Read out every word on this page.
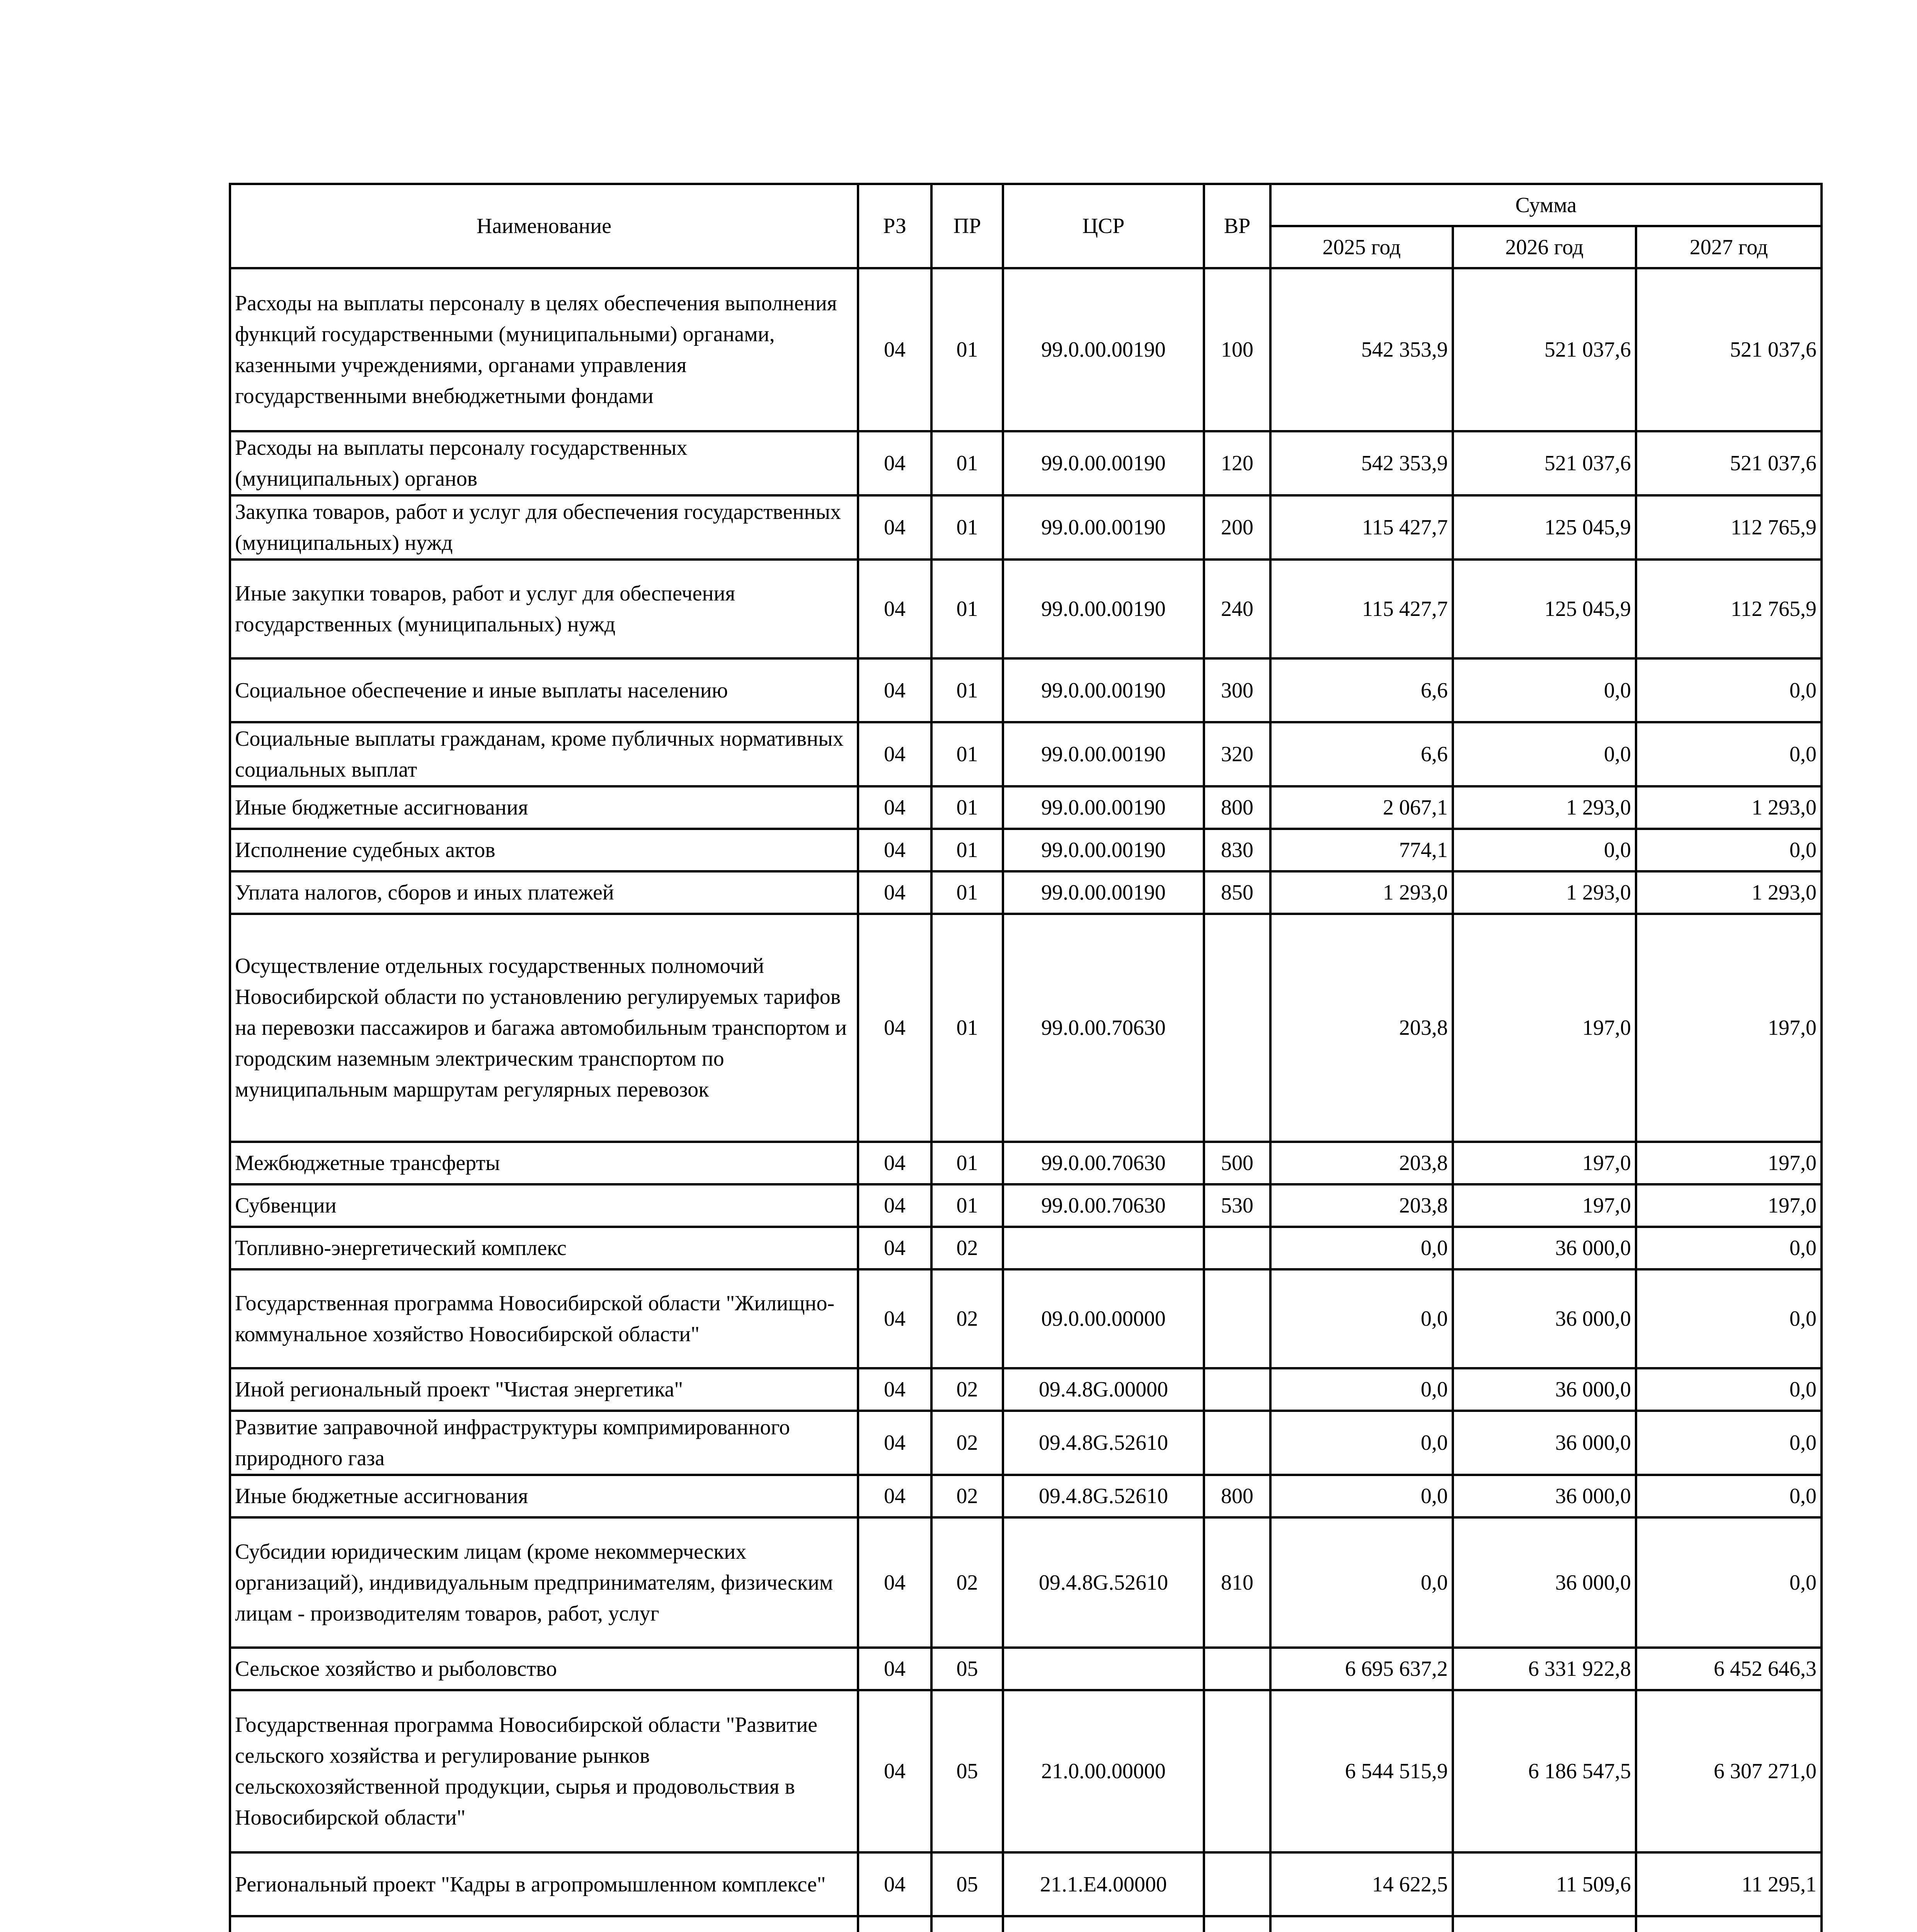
Наименование	РЗ	ПР	ЦСР	ВР	Сумма		
					2025 год	2026 год	2027 год
Расходы на выплаты персоналу в целях обеспечения выполнения функций государственными (муниципальными) органами, казенными учреждениями, органами управления государственными внебюджетными фондами	04	01	99.0.00.00190	100	542 353,9	521 037,6	521 037,6
Расходы на выплаты персоналу государственных (муниципальных) органов	04	01	99.0.00.00190	120	542 353,9	521 037,6	521 037,6
Закупка товаров, работ и услуг для обеспечения государственных (муниципальных) нужд	04	01	99.0.00.00190	200	115 427,7	125 045,9	112 765,9
Иные закупки товаров, работ и услуг для обеспечения государственных (муниципальных) нужд	04	01	99.0.00.00190	240	115 427,7	125 045,9	112 765,9
Социальное обеспечение и иные выплаты населению	04	01	99.0.00.00190	300	6,6	0,0	0,0
Социальные выплаты гражданам, кроме публичных нормативных социальных выплат	04	01	99.0.00.00190	320	6,6	0,0	0,0
Иные бюджетные ассигнования	04	01	99.0.00.00190	800	2 067,1	1 293,0	1 293,0
Исполнение судебных актов	04	01	99.0.00.00190	830	774,1	0,0	0,0
Уплата налогов, сборов и иных платежей	04	01	99.0.00.00190	850	1 293,0	1 293,0	1 293,0
Осуществление отдельных государственных полномочий Новосибирской области по установлению регулируемых тарифов на перевозки пассажиров и багажа автомобильным транспортом и городским наземным электрическим транспортом по муниципальным маршрутам регулярных перевозок	04	01	99.0.00.70630		203,8	197,0	197,0
Межбюджетные трансферты	04	01	99.0.00.70630	500	203,8	197,0	197,0
Субвенции	04	01	99.0.00.70630	530	203,8	197,0	197,0
Топливно-энергетический комплекс	04	02			0,0	36 000,0	0,0
Государственная программа Новосибирской области "Жилищно-коммунальное хозяйство Новосибирской области"	04	02	09.0.00.00000		0,0	36 000,0	0,0
Иной региональный проект "Чистая энергетика"	04	02	09.4.8G.00000		0,0	36 000,0	0,0
Развитие заправочной инфраструктуры компримированного природного газа	04	02	09.4.8G.52610		0,0	36 000,0	0,0
Иные бюджетные ассигнования	04	02	09.4.8G.52610	800	0,0	36 000,0	0,0
Субсидии юридическим лицам (кроме некоммерческих организаций), индивидуальным предпринимателям, физическим лицам - производителям товаров, работ, услуг	04	02	09.4.8G.52610	810	0,0	36 000,0	0,0
Сельское хозяйство и рыболовство	04	05			6 695 637,2	6 331 922,8	6 452 646,3
Государственная программа Новосибирской области "Развитие сельского хозяйства и регулирование рынков сельскохозяйственной продукции, сырья и продовольствия в Новосибирской области"	04	05	21.0.00.00000		6 544 515,9	6 186 547,5	6 307 271,0
Региональный проект "Кадры в агропромышленном комплексе"	04	05	21.1.E4.00000		14 622,5	11 509,6	11 295,1
